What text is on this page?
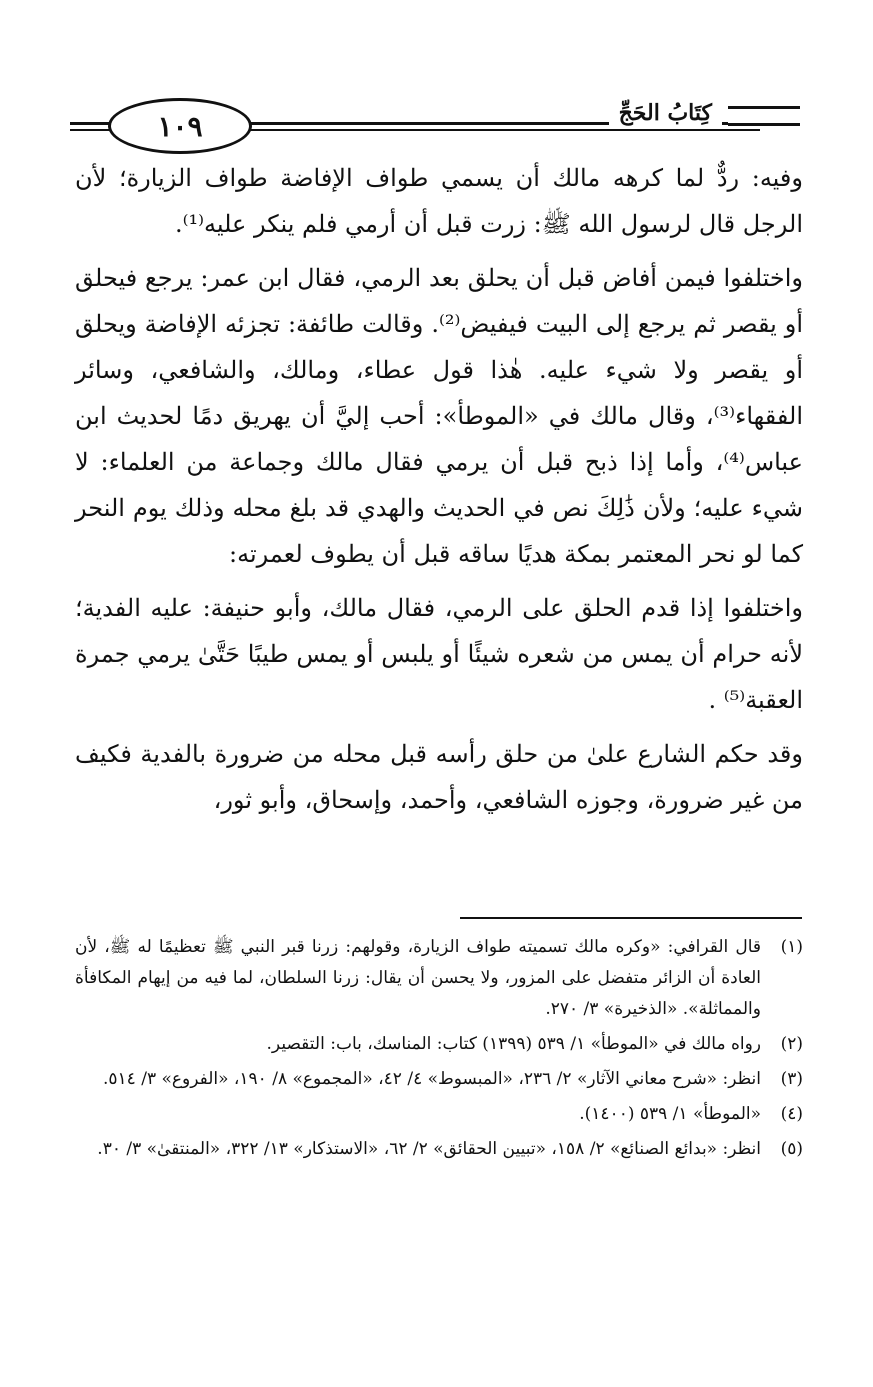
١٠٩	كِتَابُ الحَجِّ

وفيه: ردٌّ لما كرهه مالك أن يسمي طواف الإفاضة طواف الزيارة؛ لأن الرجل قال لرسول الله ﷺ: زرت قبل أن أرمي فلم ينكر عليه⁽¹⁾.

واختلفوا فيمن أفاض قبل أن يحلق بعد الرمي، فقال ابن عمر: يرجع فيحلق أو يقصر ثم يرجع إلى البيت فيفيض⁽²⁾. وقالت طائفة: تجزئه الإفاضة ويحلق أو يقصر ولا شيء عليه. هٰذا قول عطاء، ومالك، والشافعي، وسائر الفقهاء⁽³⁾، وقال مالك في «الموطأ»: أحب إليَّ أن يهريق دمًا لحديث ابن عباس⁽⁴⁾، وأما إذا ذبح قبل أن يرمي فقال مالك وجماعة من العلماء: لا شيء عليه؛ ولأن ذَٰلِكَ نص في الحديث والهدي قد بلغ محله وذلك يوم النحر كما لو نحر المعتمر بمكة هديًا ساقه قبل أن يطوف لعمرته:

واختلفوا إذا قدم الحلق على الرمي، فقال مالك، وأبو حنيفة: عليه الفدية؛ لأنه حرام أن يمس من شعره شيئًا أو يلبس أو يمس طيبًا حَتَّىٰ يرمي جمرة العقبة⁽⁵⁾ .

وقد حكم الشارع علىٰ من حلق رأسه قبل محله من ضرورة بالفدية فكيف من غير ضرورة، وجوزه الشافعي، وأحمد، وإسحاق، وأبو ثور،

(١)
قال القرافي: «وكره مالك تسميته طواف الزيارة، وقولهم: زرنا قبر النبي ﷺ تعظيمًا له ﷺ، لأن العادة أن الزائر متفضل على المزور، ولا يحسن أن يقال: زرنا السلطان، لما فيه من إيهام المكافأة والمماثلة». «الذخيرة» ٣/ ٢٧٠.
(٢)
رواه مالك في «الموطأ» ١/ ٥٣٩ (١٣٩٩) كتاب: المناسك، باب: التقصير.
(٣)
انظر: «شرح معاني الآثار» ٢/ ٢٣٦، «المبسوط» ٤/ ٤٢، «المجموع» ٨/ ١٩٠، «الفروع» ٣/ ٥١٤.
(٤)
«الموطأ» ١/ ٥٣٩ (١٤٠٠).
(٥)
انظر: «بدائع الصنائع» ٢/ ١٥٨، «تبيين الحقائق» ٢/ ٦٢، «الاستذكار» ١٣/ ٣٢٢، «المنتقىٰ» ٣/ ٣٠.
